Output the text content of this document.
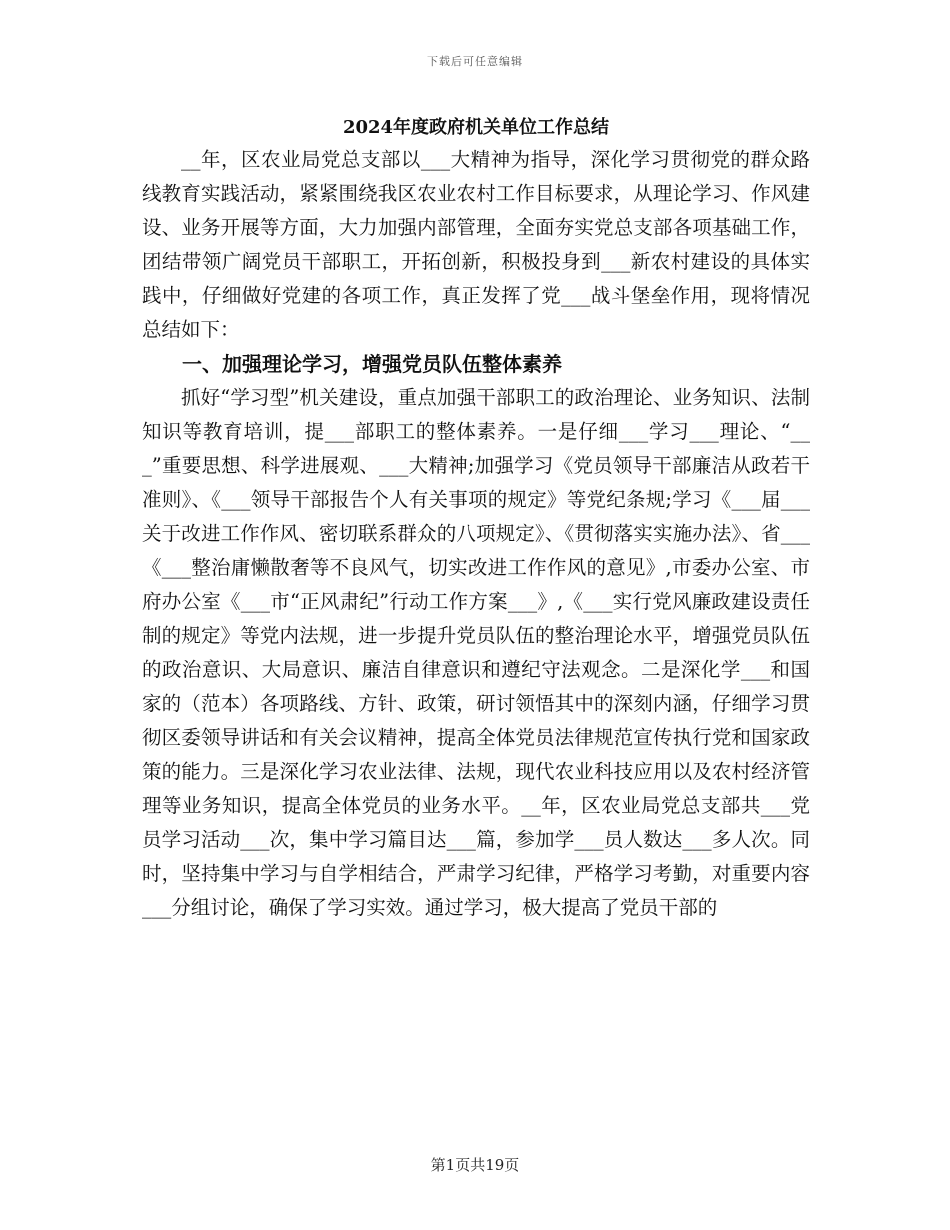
下载后可任意编辑
2024年度政府机关单位工作总结

__年，区农业局党总支部以___大精神为指导，深化学习贯彻党的群众路线教育实践活动，紧紧围绕我区农业农村工作目标要求，从理论学习、作风建设、业务开展等方面，大力加强内部管理，全面夯实党总支部各项基础工作，团结带领广阔党员干部职工，开拓创新，积极投身到___新农村建设的具体实践中，仔细做好党建的各项工作，真正发挥了党___战斗堡垒作用，现将情况总结如下：

一、加强理论学习，增强党员队伍整体素养

抓好“学习型”机关建设，重点加强干部职工的政治理论、业务知识、法制知识等教育培训，提___部职工的整体素养。一是仔细___学习___理论、“___”重要思想、科学进展观、___大精神;加强学习《党员领导干部廉洁从政若干准则》、《___领导干部报告个人有关事项的规定》等党纪条规;学习《___届___关于改进工作作风、密切联系群众的八项规定》、《贯彻落实实施办法》、省___《___整治庸懒散奢等不良风气，切实改进工作作风的意见》,市委办公室、市府办公室《___市“正风肃纪”行动工作方案___》,《___实行党风廉政建设责任制的规定》等党内法规，进一步提升党员队伍的整治理论水平，增强党员队伍的政治意识、大局意识、廉洁自律意识和遵纪守法观念。二是深化学___和国家的（范本）各项路线、方针、政策，研讨领悟其中的深刻内涵，仔细学习贯彻区委领导讲话和有关会议精神，提高全体党员法律规范宣传执行党和国家政策的能力。三是深化学习农业法律、法规，现代农业科技应用以及农村经济管理等业务知识，提高全体党员的业务水平。__年，区农业局党总支部共___党员学习活动___次，集中学习篇目达___篇，参加学___员人数达___多人次。同时，坚持集中学习与自学相结合，严肃学习纪律，严格学习考勤，对重要内容___分组讨论，确保了学习实效。通过学习，极大提高了党员干部的

第1页共19页
